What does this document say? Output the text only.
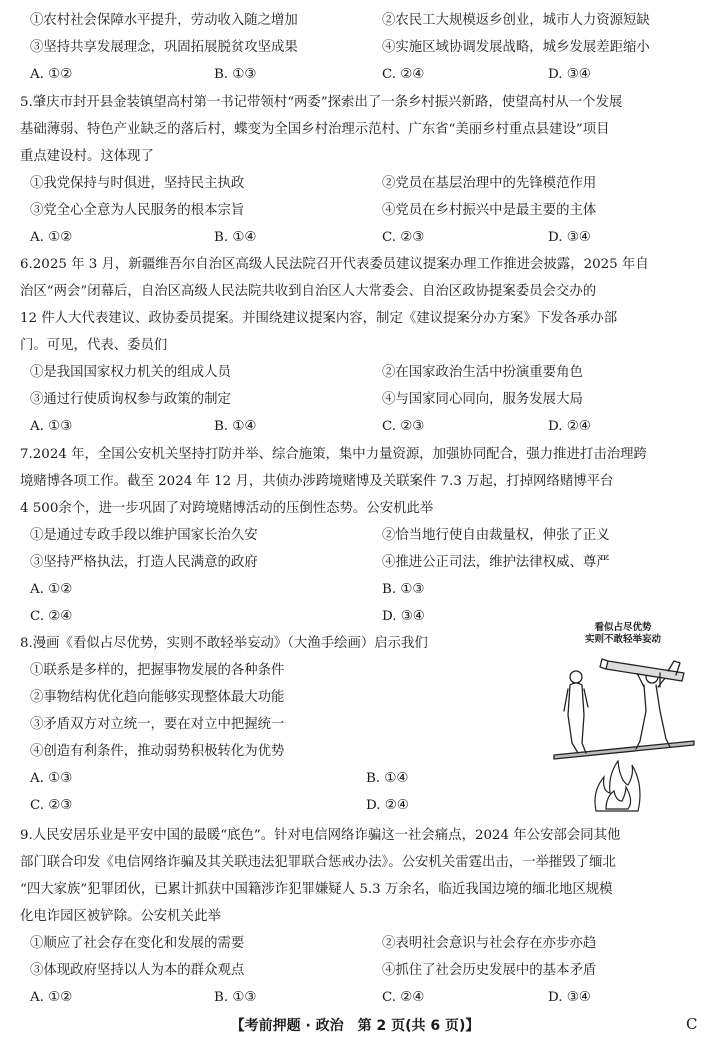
①农村社会保障水平提升，劳动收入随之增加	②农民工大规模返乡创业，城市人力资源短缺
③坚持共享发展理念，巩固拓展脱贫攻坚成果	④实施区域协调发展战略，城乡发展差距缩小
A. ①②	B. ①③	C. ②④	D. ③④
5.肇庆市封开县金装镇望高村第一书记带领村“两委”探索出了一条乡村振兴新路，使望高村从一个发展
基础薄弱、特色产业缺乏的落后村，蝶变为全国乡村治理示范村、广东省“美丽乡村重点县建设”项目
重点建设村。这体现了
①我党保持与时俱进，坚持民主执政	②党员在基层治理中的先锋模范作用
③党全心全意为人民服务的根本宗旨	④党员在乡村振兴中是最主要的主体
A. ①②	B. ①④	C. ②③	D. ③④
6.2025 年 3 月，新疆维吾尔自治区高级人民法院召开代表委员建议提案办理工作推进会披露，2025 年自
治区“两会”闭幕后，自治区高级人民法院共收到自治区人大常委会、自治区政协提案委员会交办的
12 件人大代表建议、政协委员提案。并围绕建议提案内容，制定《建议提案分办方案》下发各承办部
门。可见，代表、委员们
①是我国国家权力机关的组成人员	②在国家政治生活中扮演重要角色
③通过行使质询权参与政策的制定	④与国家同心同向，服务发展大局
A. ①③	B. ①④	C. ②③	D. ②④
7.2024 年，全国公安机关坚持打防并举、综合施策，集中力量资源，加强协同配合，强力推进打击治理跨
境赌博各项工作。截至 2024 年 12 月，共侦办涉跨境赌博及关联案件 7.3 万起，打掉网络赌博平台
4 500余个，进一步巩固了对跨境赌博活动的压倒性态势。公安机此举
①是通过专政手段以维护国家长治久安	②恰当地行使自由裁量权，伸张了正义
③坚持严格执法，打造人民满意的政府	④推进公正司法，维护法律权威、尊严
A. ①②	B. ①③
C. ②④	D. ③④
8.漫画《看似占尽优势，实则不敢轻举妄动》（大渔手绘画）启示我们
①联系是多样的，把握事物发展的各种条件
②事物结构优化趋向能够实现整体最大功能
③矛盾双方对立统一，要在对立中把握统一
④创造有利条件，推动弱势积极转化为优势
A. ①③	B. ①④
C. ②③	D. ②④
看似占尽优势
实则不敢轻举妄动
9.人民安居乐业是平安中国的最暖“底色”。针对电信网络诈骗这一社会痛点，2024 年公安部会同其他
部门联合印发《电信网络诈骗及其关联违法犯罪联合惩戒办法》。公安机关雷霆出击，一举摧毁了缅北
“四大家族”犯罪团伙，已累计抓获中国籍涉诈犯罪嫌疑人 5.3 万余名，临近我国边境的缅北地区规模
化电诈园区被铲除。公安机关此举
①顺应了社会存在变化和发展的需要	②表明社会意识与社会存在亦步亦趋
③体现政府坚持以人为本的群众观点	④抓住了社会历史发展中的基本矛盾
A. ①②	B. ①③	C. ②④	D. ③④
【考前押题 · 政治　第 2 页(共 6 页)】	C
